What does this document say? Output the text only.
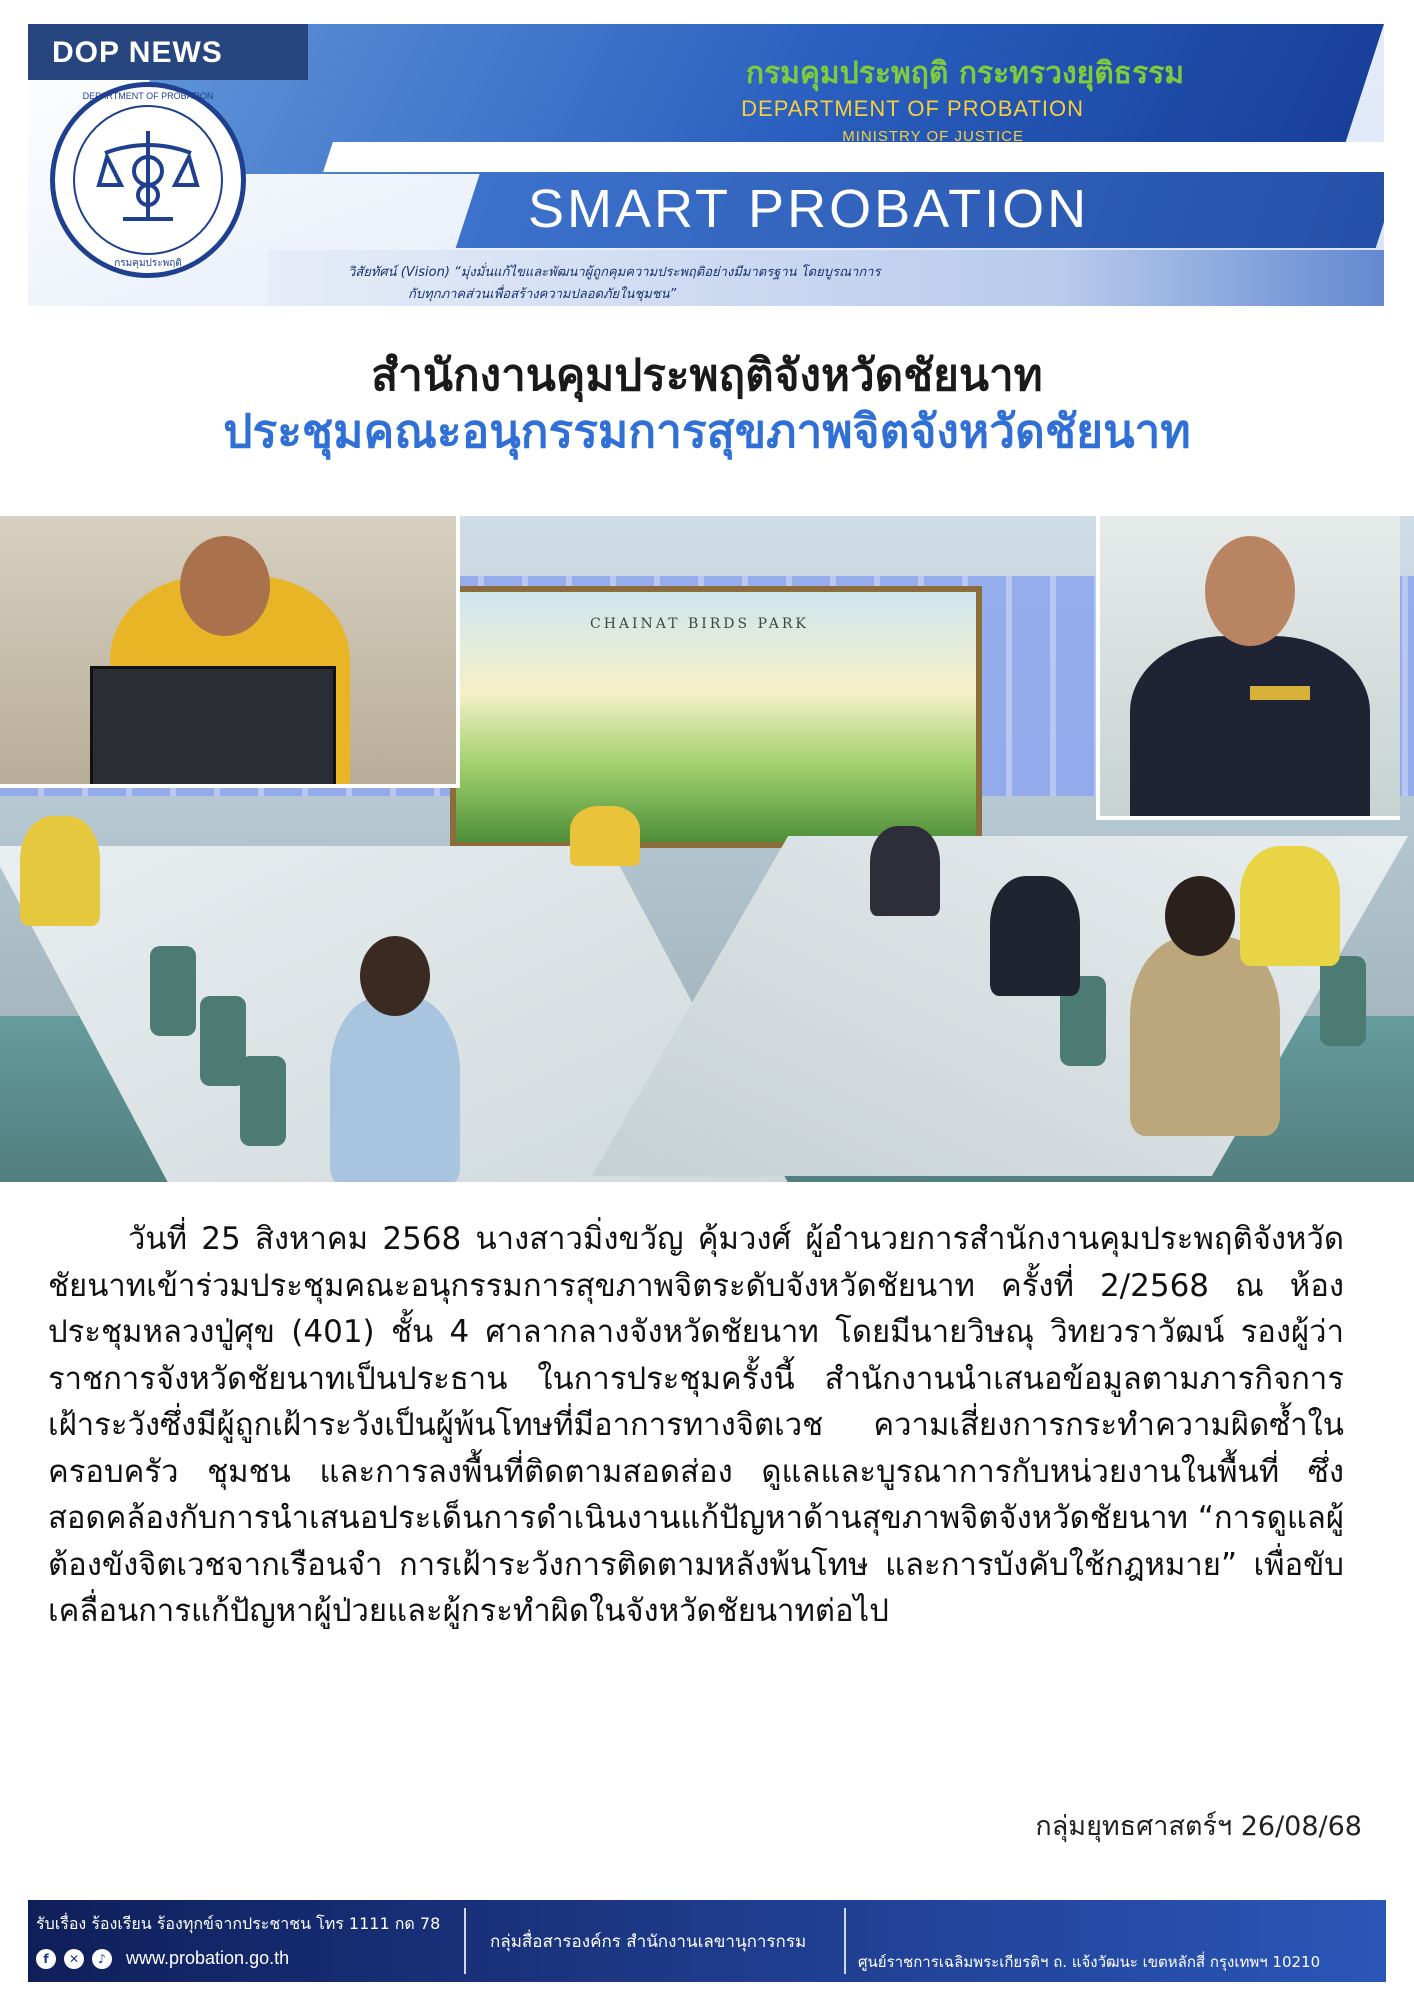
กรมคุมประพฤติ กระทรวงยุติธรรม
DEPARTMENT OF PROBATION
MINISTRY OF JUSTICE
SMART PROBATION
วิสัยทัศน์ (Vision) “มุ่งมั่นแก้ไขและพัฒนาผู้ถูกคุมความประพฤติอย่างมีมาตรฐาน โดยบูรณาการ
กับทุกภาคส่วนเพื่อสร้างความปลอดภัยในชุมชน”
DOP NEWS
DEPARTMENT OF PROBATION
กรมคุมประพฤติ
สำนักงานคุมประพฤติจังหวัดชัยนาท
ประชุมคณะอนุกรรมการสุขภาพจิตจังหวัดชัยนาท
CHAINAT BIRDS PARK
วันที่ 25 สิงหาคม 2568 นางสาวมิ่งขวัญ คุ้มวงศ์ ผู้อำนวยการสำนักงานคุมประพฤติจังหวัดชัยนาทเข้าร่วมประชุมคณะอนุกรรมการสุขภาพจิตระดับจังหวัดชัยนาท ครั้งที่ 2/2568 ณ ห้องประชุมหลวงปู่ศุข (401) ชั้น 4 ศาลากลางจังหวัดชัยนาท โดยมีนายวิษณุ วิทยวราวัฒน์ รองผู้ว่าราชการจังหวัดชัยนาทเป็นประธาน ในการประชุมครั้งนี้ สำนักงานนำเสนอข้อมูลตามภารกิจการเฝ้าระวังซึ่งมีผู้ถูกเฝ้าระวังเป็นผู้พ้นโทษที่มีอาการทางจิตเวช ความเสี่ยงการกระทำความผิดซ้ำในครอบครัว ชุมชน และการลงพื้นที่ติดตามสอดส่อง ดูแลและบูรณาการกับหน่วยงานในพื้นที่ ซึ่งสอดคล้องกับการนำเสนอประเด็นการดำเนินงานแก้ปัญหาด้านสุขภาพจิตจังหวัดชัยนาท “การดูแลผู้ต้องขังจิตเวชจากเรือนจำ การเฝ้าระวังการติดตามหลังพ้นโทษ และการบังคับใช้กฎหมาย” เพื่อขับเคลื่อนการแก้ปัญหาผู้ป่วยและผู้กระทำผิดในจังหวัดชัยนาทต่อไป
กลุ่มยุทธศาสตร์ฯ 26/08/68
รับเรื่อง ร้องเรียน ร้องทุกข์จากประชาชน โทร 1111 กด 78
f	✕	♪	www.probation.go.th
กลุ่มสื่อสารองค์กร สำนักงานเลขานุการกรม
ศูนย์ราชการเฉลิมพระเกียรติฯ ถ. แจ้งวัฒนะ เขตหลักสี่ กรุงเทพฯ 10210
